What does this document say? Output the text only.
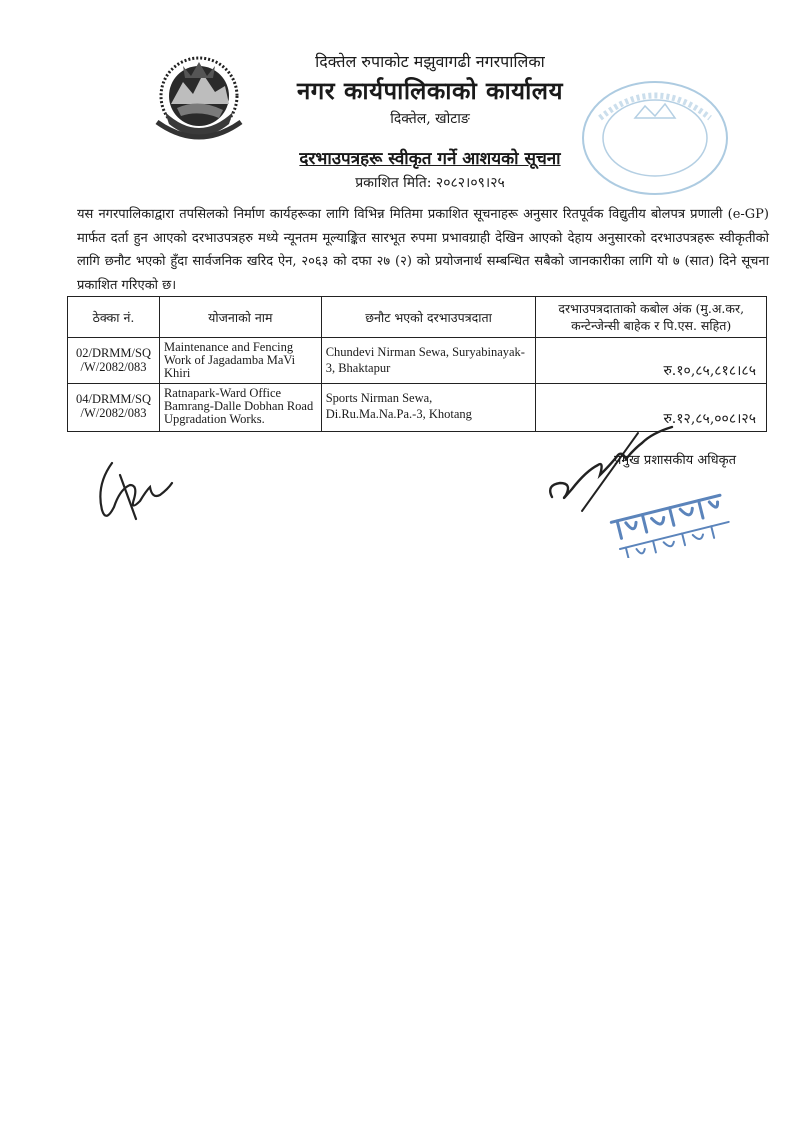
दिक्तेल रुपाकोट मझुवागढी नगरपालिका
नगर कार्यपालिकाको कार्यालय
दिक्तेल, खोटाङ
दरभाउपत्रहरू स्वीकृत गर्ने आशयको सूचना
प्रकाशित मिति: २०८२।०९।२५
यस नगरपालिकाद्वारा तपसिलको निर्माण कार्यहरूका लागि विभिन्न मितिमा प्रकाशित सूचनाहरू अनुसार रितपूर्वक विद्युतीय बोलपत्र प्रणाली (e-GP) मार्फत दर्ता हुन आएको दरभाउपत्रहरु मध्ये न्यूनतम मूल्याङ्कित सारभूत रुपमा प्रभावग्राही देखिन आएको देहाय अनुसारको दरभाउपत्रहरू स्वीकृतीको लागि छनौट भएको हुँदा सार्वजनिक खरिद ऐन, २०६३ को दफा २७ (२) को प्रयोजनार्थ सम्बन्धित सबैको जानकारीका लागि यो ७ (सात) दिने सूचना प्रकाशित गरिएको छ।
ठेक्का नं.	योजनाको नाम	छनौट भएको दरभाउपत्रदाता	दरभाउपत्रदाताको कबोल अंक (मु.अ.कर, कन्टेन्जेन्सी बाहेक र पि.एस. सहित)
02/DRMM/SQ /W/2082/083	Maintenance and Fencing Work of Jagadamba MaVi Khiri	Chundevi Nirman Sewa, Suryabinayak-3, Bhaktapur	रु.१०,८५,८१८।८५
04/DRMM/SQ /W/2082/083	Ratnapark-Ward Office Bamrang-Dalle Dobhan Road Upgradation Works.	Sports Nirman Sewa, Di.Ru.Ma.Na.Pa.-3, Khotang	रु.१२,८५,००८।२५
प्रमुख प्रशासकीय अधिकृत
